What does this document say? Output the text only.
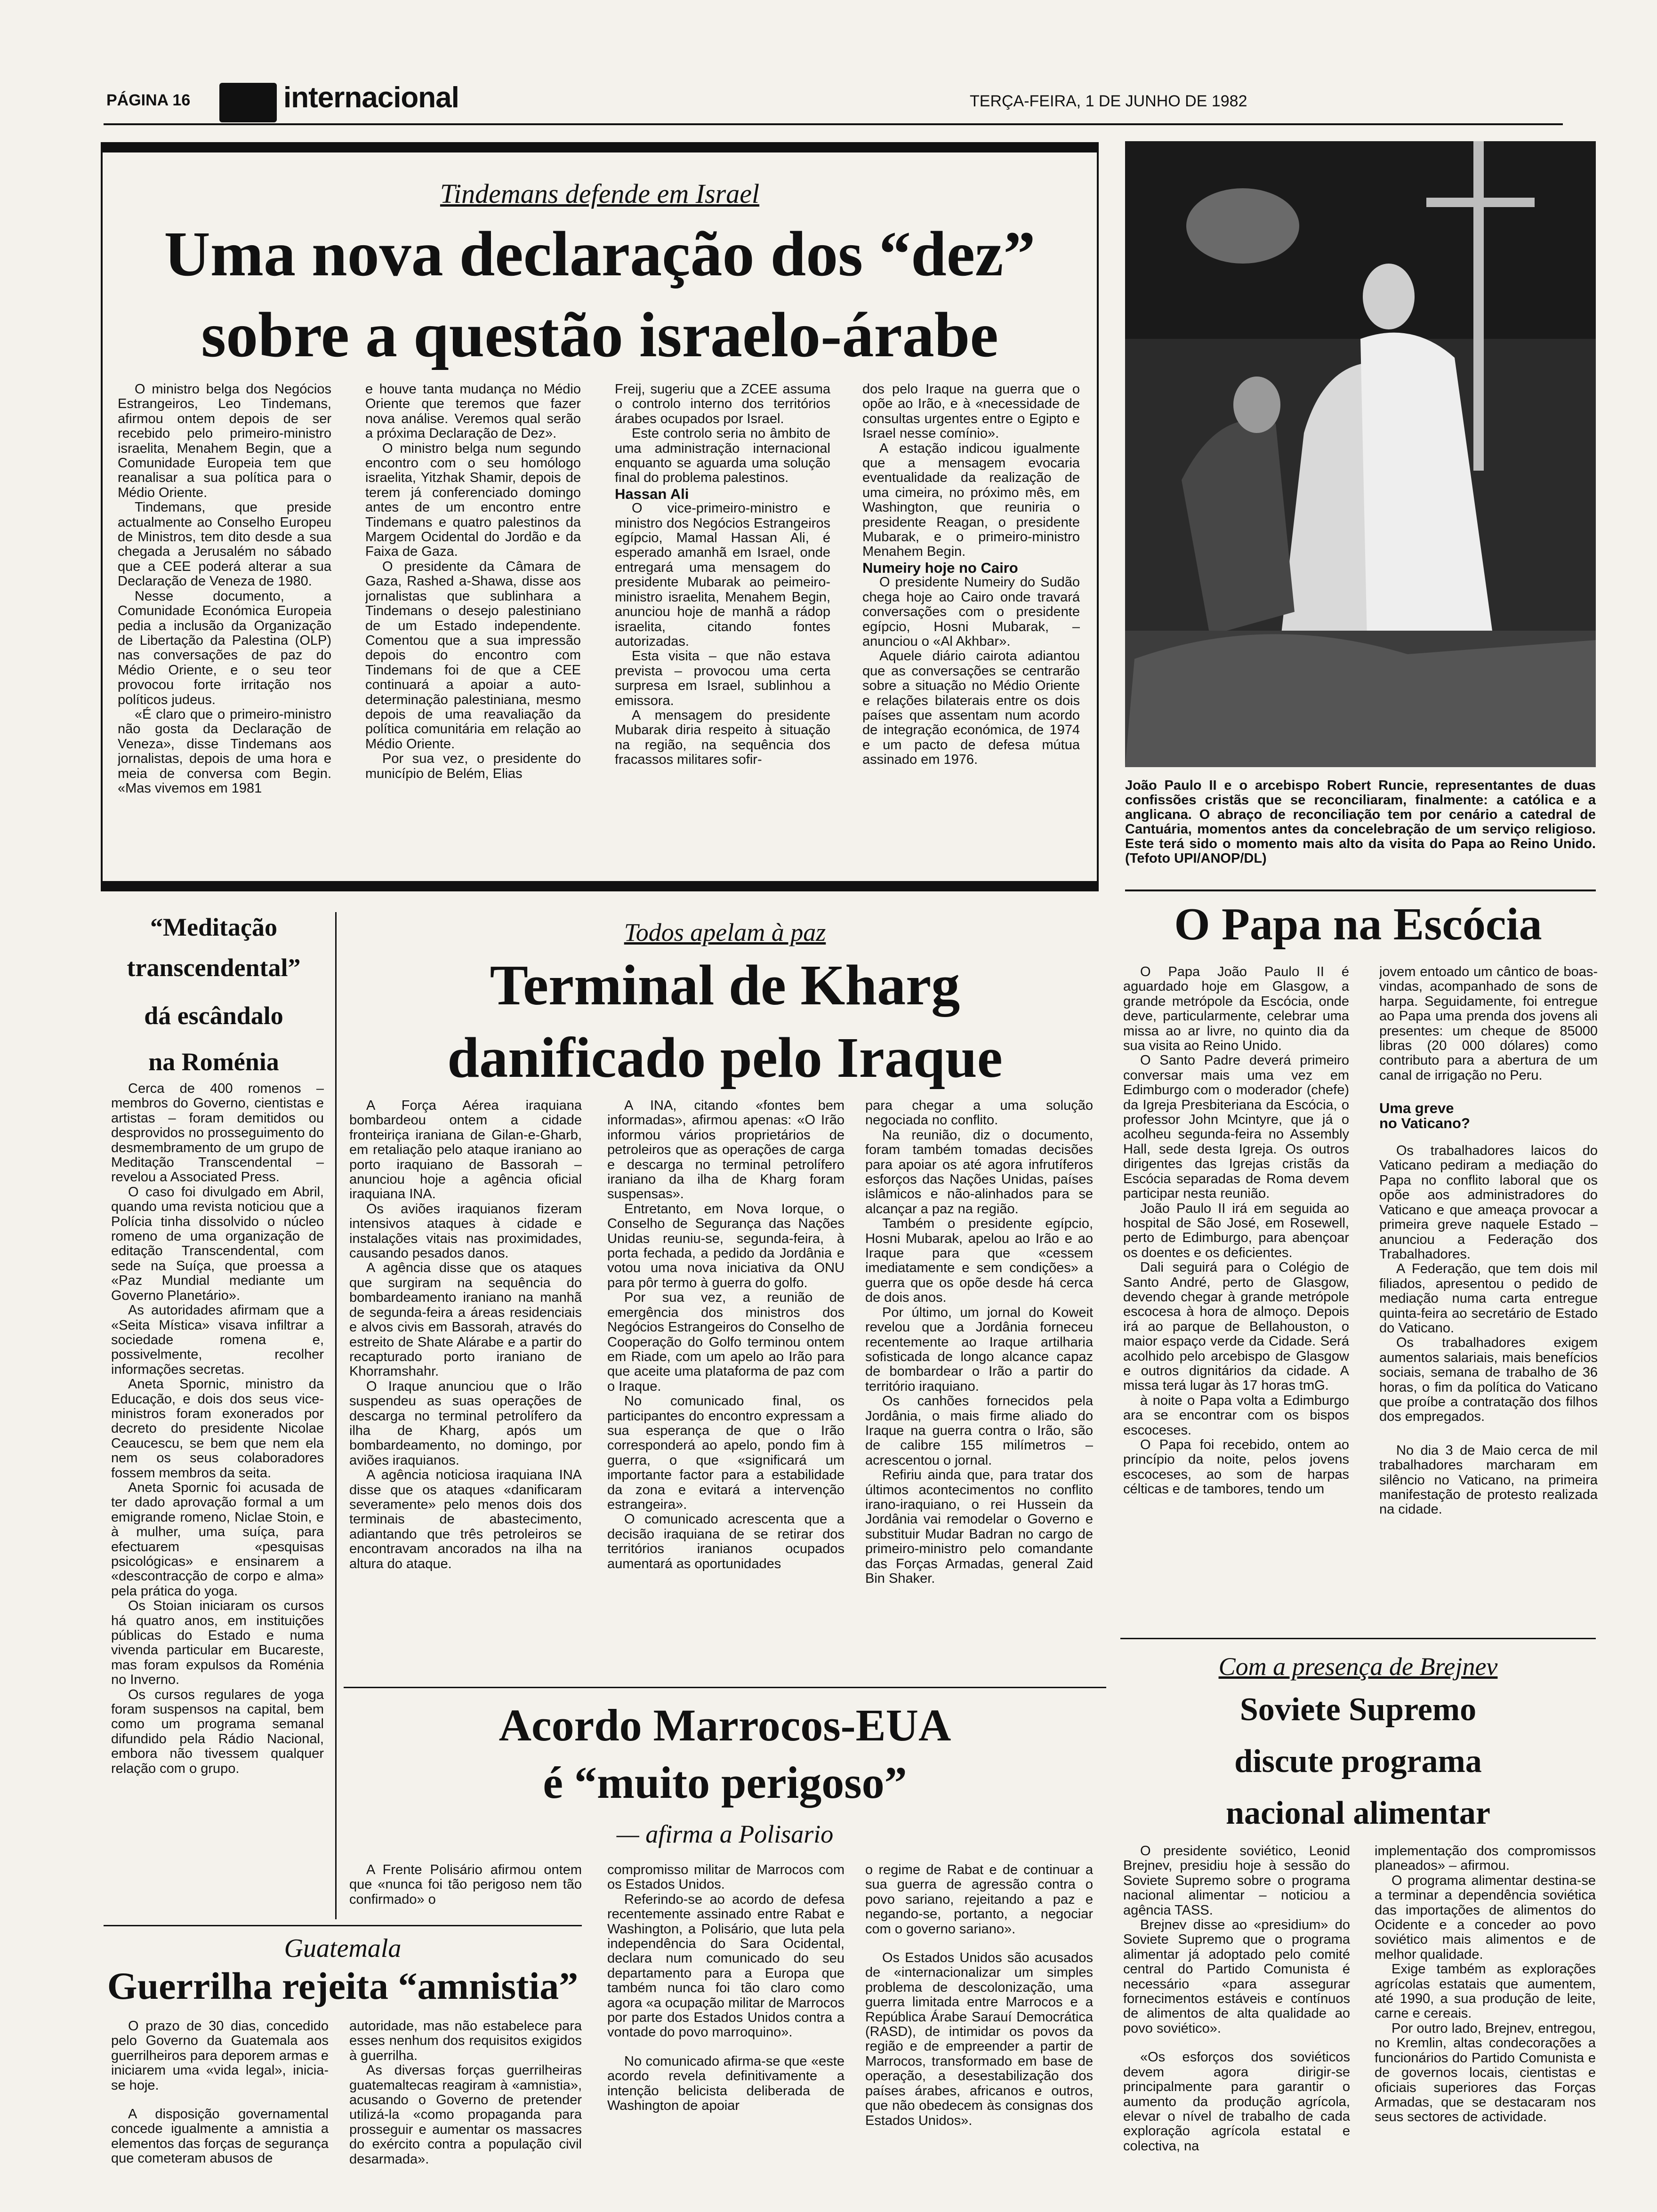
PÁGINA 16	internacional	TERÇA-FEIRA, 1 DE JUNHO DE 1982
Tindemans defende em Israel
Uma nova declaração dos “dez”
sobre a questão israelo-árabe

O ministro belga dos Negócios Estrangeiros, Leo Tindemans, afirmou ontem depois de ser recebido pelo primeiro-ministro israelita, Menahem Begin, que a Comunidade Europeia tem que reanalisar a sua política para o Médio Oriente.

Tindemans, que preside actualmente ao Conselho Europeu de Ministros, tem dito desde a sua chegada a Jerusalém no sábado que a CEE poderá alterar a sua Declaração de Veneza de 1980.

Nesse documento, a Comunidade Económica Europeia pedia a inclusão da Organização de Libertação da Palestina (OLP) nas conversações de paz do Médio Oriente, e o seu teor provocou forte irritação nos políticos judeus.

«É claro que o primeiro-ministro não gosta da Declaração de Veneza», disse Tindemans aos jornalistas, depois de uma hora e meia de conversa com Begin. «Mas vivemos em 1981

e houve tanta mudança no Médio Oriente que teremos que fazer nova análise. Veremos qual serão a próxima Declaração de Dez».

O ministro belga num segundo encontro com o seu homólogo israelita, Yitzhak Shamir, depois de terem já conferenciado domingo antes de um encontro entre Tindemans e quatro palestinos da Margem Ocidental do Jordão e da Faixa de Gaza.

O presidente da Câmara de Gaza, Rashed a-Shawa, disse aos jornalistas que sublinhara a Tindemans o desejo palestiniano de um Estado independente. Comentou que a sua impressão depois do encontro com Tindemans foi de que a CEE continuará a apoiar a auto-determinação palestiniana, mesmo depois de uma reavaliação da política comunitária em relação ao Médio Oriente.

Por sua vez, o presidente do município de Belém, Elias

Freij, sugeriu que a ZCEE assuma o controlo interno dos territórios árabes ocupados por Israel.

Este controlo seria no âmbito de uma administração internacional enquanto se aguarda uma solução final do problema palestinos.

Hassan Ali

O vice-primeiro-ministro e ministro dos Negócios Estrangeiros egípcio, Mamal Hassan Ali, é esperado amanhã em Israel, onde entregará uma mensagem do presidente Mubarak ao peimeiro-ministro israelita, Menahem Begin, anunciou hoje de manhã a rádop israelita, citando fontes autorizadas.

Esta visita – que não estava prevista – provocou uma certa surpresa em Israel, sublinhou a emissora.

A mensagem do presidente Mubarak diria respeito à situação na região, na sequência dos fracassos militares sofir-

dos pelo Iraque na guerra que o opõe ao Irão, e à «necessidade de consultas urgentes entre o Egipto e Israel nesse comínio».

A estação indicou igualmente que a mensagem evocaria eventualidade da realização de uma cimeira, no próximo mês, em Washington, que reuniria o presidente Reagan, o presidente Mubarak, e o primeiro-ministro Menahem Begin.

Numeiry hoje no Cairo

O presidente Numeiry do Sudão chega hoje ao Cairo onde travará conversações com o presidente egípcio, Hosni Mubarak, – anunciou o «Al Akhbar».

Aquele diário cairota adiantou que as conversações se centrarão sobre a situação no Médio Oriente e relações bilaterais entre os dois países que assentam num acordo de integração económica, de 1974 e um pacto de defesa mútua assinado em 1976.

João Paulo II e o arcebispo Robert Runcie, representantes de duas confissões cristãs que se reconciliaram, finalmente: a católica e a anglicana. O abraço de reconciliação tem por cenário a catedral de Cantuária, momentos antes da concelebração de um serviço religioso. Este terá sido o momento mais alto da visita do Papa ao Reino Unido. (Tefoto UPI/ANOP/DL)
“Meditação
transcendental”
dá escândalo
na Roménia

Cerca de 400 romenos – membros do Governo, cientistas e artistas – foram demitidos ou desprovidos no prosseguimento do desmembramento de um grupo de Meditação Transcendental – revelou a Associated Press.

O caso foi divulgado em Abril, quando uma revista noticiou que a Polícia tinha dissolvido o núcleo romeno de uma organização de editação Transcendental, com sede na Suíça, que proessa a «Paz Mundial mediante um Governo Planetário».

As autoridades afirmam que a «Seita Mística» visava infiltrar a sociedade romena e, possivelmente, recolher informações secretas.

Aneta Spornic, ministro da Educação, e dois dos seus vice-ministros foram exonerados por decreto do presidente Nicolae Ceaucescu, se bem que nem ela nem os seus colaboradores fossem membros da seita.

Aneta Spornic foi acusada de ter dado aprovação formal a um emigrande romeno, Niclae Stoin, e à mulher, uma suíça, para efectuarem «pesquisas psicológicas» e ensinarem a «descontracção de corpo e alma» pela prática do yoga.

Os Stoian iniciaram os cursos há quatro anos, em instituições públicas do Estado e numa vivenda particular em Bucareste, mas foram expulsos da Roménia no Inverno.

Os cursos regulares de yoga foram suspensos na capital, bem como um programa semanal difundido pela Rádio Nacional, embora não tivessem qualquer relação com o grupo.

Todos apelam à paz
Terminal de Kharg
danificado pelo Iraque

A Força Aérea iraquiana bombardeou ontem a cidade fronteiriça iraniana de Gilan-e-Gharb, em retaliação pelo ataque iraniano ao porto iraquiano de Bassorah – anunciou hoje a agência oficial iraquiana INA.

Os aviões iraquianos fizeram intensivos ataques à cidade e instalações vitais nas proximidades, causando pesados danos.

A agência disse que os ataques que surgiram na sequência do bombardeamento iraniano na manhã de segunda-feira a áreas residenciais e alvos civis em Bassorah, através do estreito de Shate Alárabe e a partir do recapturado porto iraniano de Khorramshahr.

O Iraque anunciou que o Irão suspendeu as suas operações de descarga no terminal petrolífero da ilha de Kharg, após um bombardeamento, no domingo, por aviões iraquianos.

A agência noticiosa iraquiana INA disse que os ataques «danificaram severamente» pelo menos dois dos terminais de abastecimento, adiantando que três petroleiros se encontravam ancorados na ilha na altura do ataque.

A INA, citando «fontes bem informadas», afirmou apenas: «O Irão informou vários proprietários de petroleiros que as operações de carga e descarga no terminal petrolífero iraniano da ilha de Kharg foram suspensas».

Entretanto, em Nova Iorque, o Conselho de Segurança das Nações Unidas reuniu-se, segunda-feira, à porta fechada, a pedido da Jordânia e votou uma nova iniciativa da ONU para pôr termo à guerra do golfo.

Por sua vez, a reunião de emergência dos ministros dos Negócios Estrangeiros do Conselho de Cooperação do Golfo terminou ontem em Riade, com um apelo ao Irão para que aceite uma plataforma de paz com o Iraque.

No comunicado final, os participantes do encontro expressam a sua esperança de que o Irão corresponderá ao apelo, pondo fim à guerra, o que «significará um importante factor para a estabilidade da zona e evitará a intervenção estrangeira».

O comunicado acrescenta que a decisão iraquiana de se retirar dos territórios iranianos ocupados aumentará as oportunidades

para chegar a uma solução negociada no conflito.

Na reunião, diz o documento, foram também tomadas decisões para apoiar os até agora infrutíferos esforços das Nações Unidas, países islâmicos e não-alinhados para se alcançar a paz na região.

Também o presidente egípcio, Hosni Mubarak, apelou ao Irão e ao Iraque para que «cessem imediatamente e sem condições» a guerra que os opõe desde há cerca de dois anos.

Por último, um jornal do Koweit revelou que a Jordânia forneceu recentemente ao Iraque artilharia sofisticada de longo alcance capaz de bombardear o Irão a partir do território iraquiano.

Os canhões fornecidos pela Jordânia, o mais firme aliado do Iraque na guerra contra o Irão, são de calibre 155 milímetros – acrescentou o jornal.

Refiriu ainda que, para tratar dos últimos acontecimentos no conflito irano-iraquiano, o rei Hussein da Jordânia vai remodelar o Governo e substituir Mudar Badran no cargo de primeiro-ministro pelo comandante das Forças Armadas, general Zaid Bin Shaker.

O Papa na Escócia

O Papa João Paulo II é aguardado hoje em Glasgow, a grande metrópole da Escócia, onde deve, particularmente, celebrar uma missa ao ar livre, no quinto dia da sua visita ao Reino Unido.

O Santo Padre deverá primeiro conversar mais uma vez em Edimburgo com o moderador (chefe) da Igreja Presbiteriana da Escócia, o professor John Mcintyre, que já o acolheu segunda-feira no Assembly Hall, sede desta Igreja. Os outros dirigentes das Igrejas cristãs da Escócia separadas de Roma devem participar nesta reunião.

João Paulo II irá em seguida ao hospital de São José, em Rosewell, perto de Edimburgo, para abençoar os doentes e os deficientes.

Dali seguirá para o Colégio de Santo André, perto de Glasgow, devendo chegar à grande metrópole escocesa à hora de almoço. Depois irá ao parque de Bellahouston, o maior espaço verde da Cidade. Será acolhido pelo arcebispo de Glasgow e outros dignitários da cidade. A missa terá lugar às 17 horas tmG.

à noite o Papa volta a Edimburgo ara se encontrar com os bispos escoceses.

O Papa foi recebido, ontem ao princípio da noite, pelos jovens escoceses, ao som de harpas célticas e de tambores, tendo um

jovem entoado um cântico de boas-vindas, acompanhado de sons de harpa. Seguidamente, foi entregue ao Papa uma prenda dos jovens ali presentes: um cheque de 85000 libras (20 000 dólares) como contributo para a abertura de um canal de irrigação no Peru.

Uma greve
no Vaticano?

Os trabalhadores laicos do Vaticano pediram a mediação do Papa no conflito laboral que os opõe aos administradores do Vaticano e que ameaça provocar a primeira greve naquele Estado – anunciou a Federação dos Trabalhadores.

A Federação, que tem dois mil filiados, apresentou o pedido de mediação numa carta entregue quinta-feira ao secretário de Estado do Vaticano.

Os trabalhadores exigem aumentos salariais, mais benefícios sociais, semana de trabalho de 36 horas, o fim da política do Vaticano que proíbe a contratação dos filhos dos empregados.

No dia 3 de Maio cerca de mil trabalhadores marcharam em silêncio no Vaticano, na primeira manifestação de protesto realizada na cidade.

Acordo Marrocos-EUA
é “muito perigoso”
— afirma a Polisario

A Frente Polisário afirmou ontem que «nunca foi tão perigoso nem tão confirmado» o

compromisso militar de Marrocos com os Estados Unidos.

Referindo-se ao acordo de defesa recentemente assinado entre Rabat e Washington, a Polisário, que luta pela independência do Sara Ocidental, declara num comunicado do seu departamento para a Europa que também nunca foi tão claro como agora «a ocupação militar de Marrocos por parte dos Estados Unidos contra a vontade do povo marroquino».

No comunicado afirma-se que «este acordo revela definitivamente a intenção belicista deliberada de Washington de apoiar

o regime de Rabat e de continuar a sua guerra de agressão contra o povo sariano, rejeitando a paz e negando-se, portanto, a negociar com o governo sariano».

Os Estados Unidos são acusados de «internacionalizar um simples problema de descolonização, uma guerra limitada entre Marrocos e a República Árabe Sarauí Democrática (RASD), de intimidar os povos da região e de empreender a partir de Marrocos, transformado em base de operação, a desestabilização dos países árabes, africanos e outros, que não obedecem às consignas dos Estados Unidos».

Guatemala
Guerrilha rejeita “amnistia”

O prazo de 30 dias, concedido pelo Governo da Guatemala aos guerrilheiros para deporem armas e iniciarem uma «vida legal», inicia-se hoje.

A disposição governamental concede igualmente a amnistia a elementos das forças de segurança que cometeram abusos de

autoridade, mas não estabelece para esses nenhum dos requisitos exigidos à guerrilha.

As diversas forças guerrilheiras guatemaltecas reagiram à «amnistia», acusando o Governo de pretender utilizá-la «como propaganda para prosseguir e aumentar os massacres do exército contra a população civil desarmada».

Com a presença de Brejnev
Soviete Supremo
discute programa
nacional alimentar

O presidente soviético, Leonid Brejnev, presidiu hoje à sessão do Soviete Supremo sobre o programa nacional alimentar – noticiou a agência TASS.

Brejnev disse ao «presidium» do Soviete Supremo que o programa alimentar já adoptado pelo comité central do Partido Comunista é necessário «para assegurar fornecimentos estáveis e contínuos de alimentos de alta qualidade ao povo soviético».

«Os esforços dos soviéticos devem agora dirigir-se principalmente para garantir o aumento da produção agrícola, elevar o nível de trabalho de cada exploração agrícola estatal e colectiva, na

implementação dos compromissos planeados» – afirmou.

O programa alimentar destina-se a terminar a dependência soviética das importações de alimentos do Ocidente e a conceder ao povo soviético mais alimentos e de melhor qualidade.

Exige também as explorações agrícolas estatais que aumentem, até 1990, a sua produção de leite, carne e cereais.

Por outro lado, Brejnev, entregou, no Kremlin, altas condecorações a funcionários do Partido Comunista e de governos locais, cientistas e oficiais superiores das Forças Armadas, que se destacaram nos seus sectores de actividade.
